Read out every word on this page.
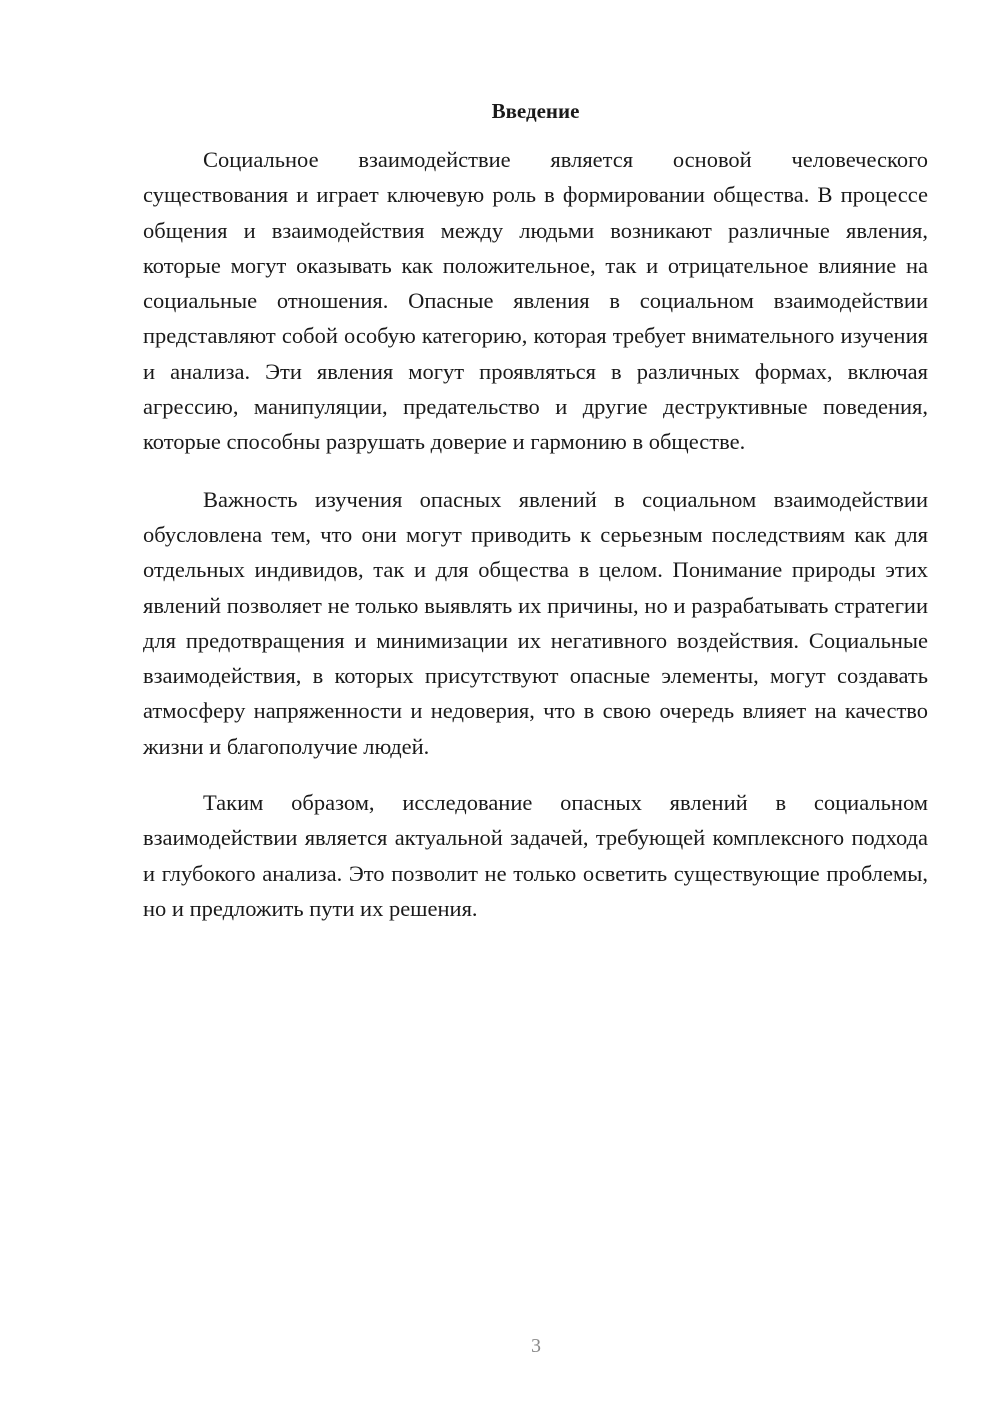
Введение

Социальное взаимодействие является основой человеческого существования и играет ключевую роль в формировании общества. В процессе общения и взаимодействия между людьми возникают различные явления, которые могут оказывать как положительное, так и отрицательное влияние на социальные отношения. Опасные явления в социальном взаимодействии представляют собой особую категорию, которая требует внимательного изучения и анализа. Эти явления могут проявляться в различных формах, включая агрессию, манипуляции, предательство и другие деструктивные поведения, которые способны разрушать доверие и гармонию в обществе.

Важность изучения опасных явлений в социальном взаимодействии обусловлена тем, что они могут приводить к серьезным последствиям как для отдельных индивидов, так и для общества в целом. Понимание природы этих явлений позволяет не только выявлять их причины, но и разрабатывать стратегии для предотвращения и минимизации их негативного воздействия. Социальные взаимодействия, в которых присутствуют опасные элементы, могут создавать атмосферу напряженности и недоверия, что в свою очередь влияет на качество жизни и благополучие людей.

Таким образом, исследование опасных явлений в социальном взаимодействии является актуальной задачей, требующей комплексного подхода и глубокого анализа. Это позволит не только осветить существующие проблемы, но и предложить пути их решения.

3
